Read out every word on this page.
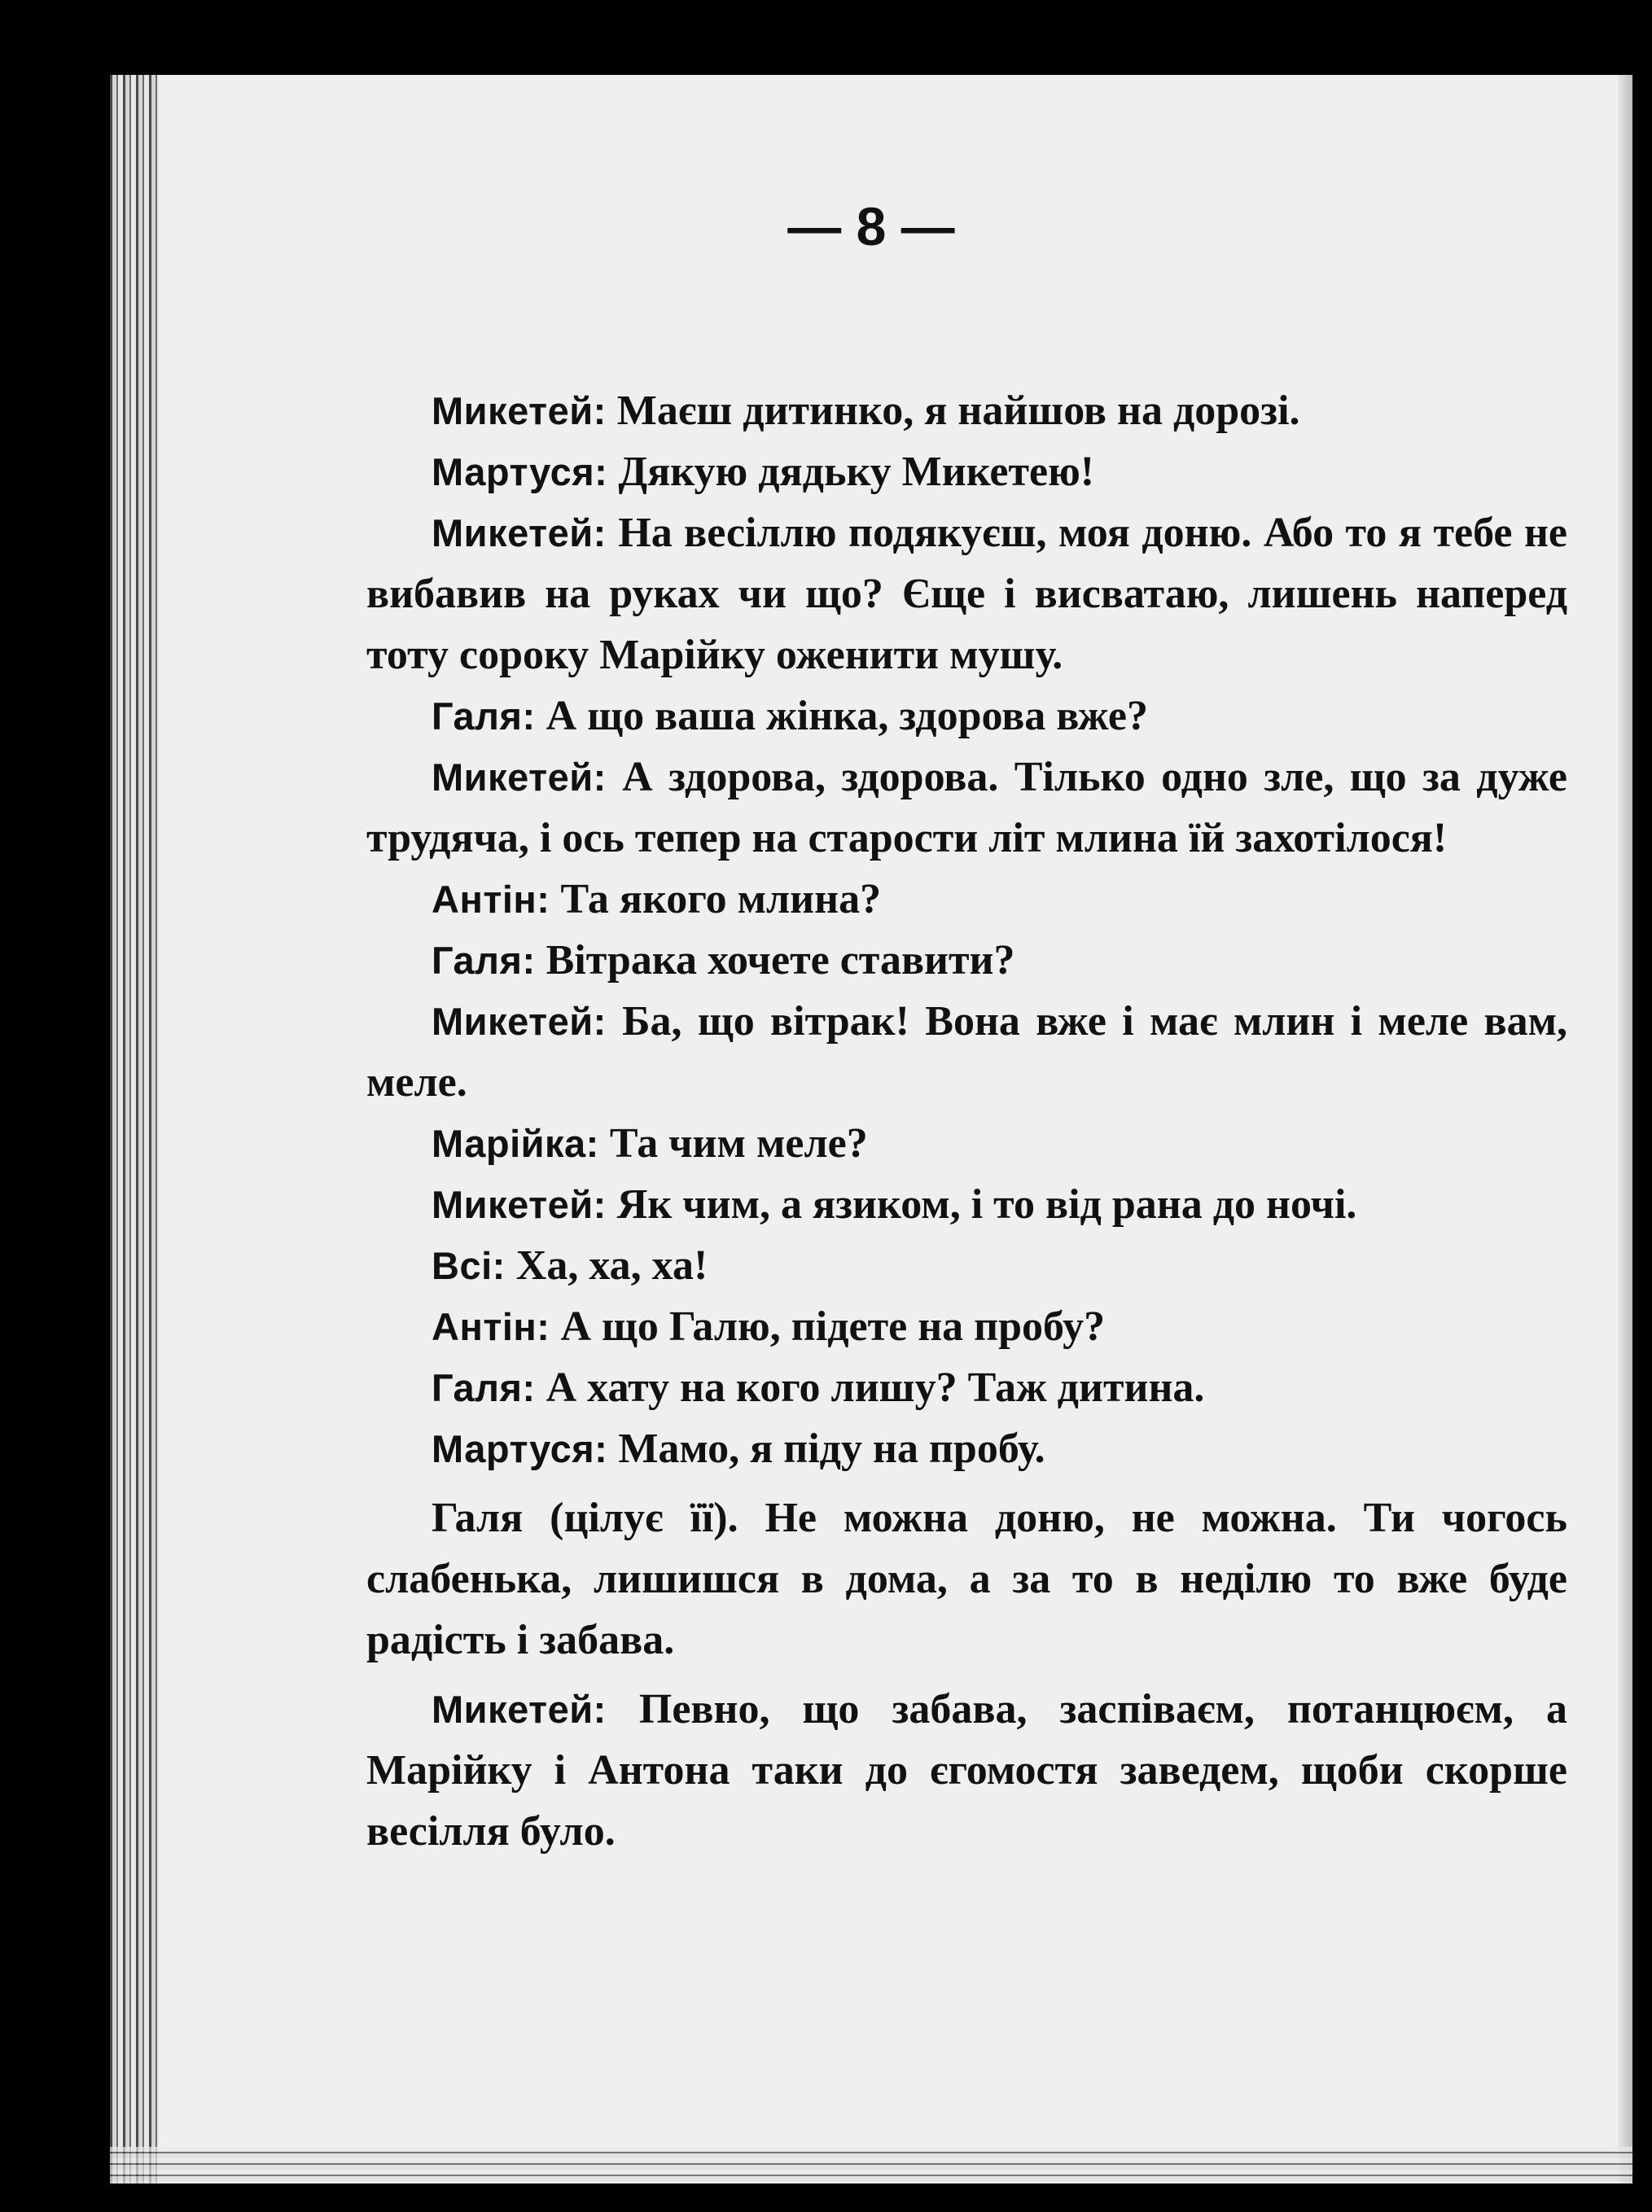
— 8 —

Микетей: Маєш дитинко, я найшов на дорозі.

Мартуся: Дякую дядьку Микетею!

Микетей: На весіллю подякуєш, моя доню. Або то я тебе не вибавив на руках чи що? Єще і висватаю, лишень наперед тоту сороку Марійку оженити мушу.

Галя: А що ваша жінка, здорова вже?

Микетей: А здорова, здорова. Тілько одно зле, що за дуже трудяча, і ось тепер на старости літ млина їй захотілося!

Антін: Та якого млина?

Галя: Вітрака хочете ставити?

Микетей: Ба, що вітрак! Вона вже і має млин і меле вам, меле.

Марійка: Та чим меле?

Микетей: Як чим, а язиком, і то від рана до ночі.

Всі: Ха, ха, ха!

Антін: А що Галю, підете на пробу?

Галя: А хату на кого лишу? Таж дитина.

Мартуся: Мамо, я піду на пробу.

Галя (цілує її). Не можна доню, не можна. Ти чогось слабенька, лишишся в дома, а за то в неділю то вже буде радість і забава.

Микетей: Певно, що забава, заспіваєм, потанцюєм, а Марійку і Антона таки до єгомостя заведем, щоби скорше весілля було.
